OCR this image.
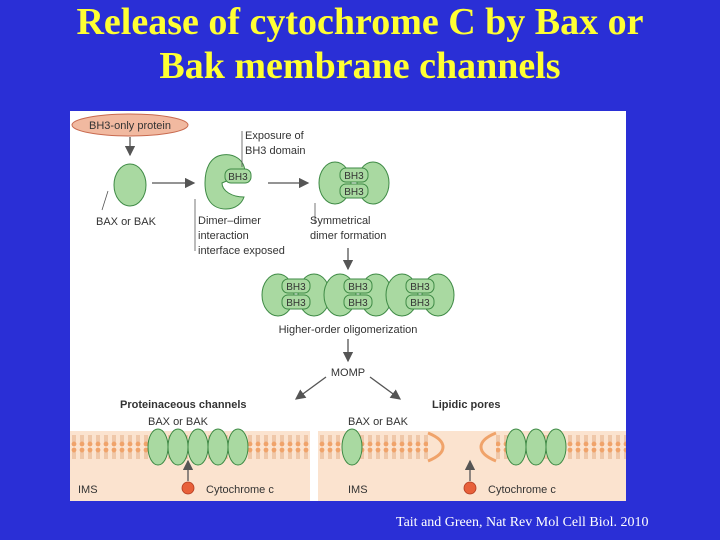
Release of cytochrome C by Bax or
Bak membrane channels
BH3-only protein
BAX or BAK
BH3
Exposure of
BH3 domain
Dimer–dimer
interaction
interface exposed
BH3
BH3
Symmetrical
dimer formation
BH3
BH3
BH3
BH3
BH3
BH3
Higher-order oligomerization
MOMP
Proteinaceous channels
BAX or BAK
IMS	Cytochrome c
Lipidic pores
BAX or BAK
IMS	Cytochrome c
Tait and Green, Nat Rev Mol Cell Biol. 2010
